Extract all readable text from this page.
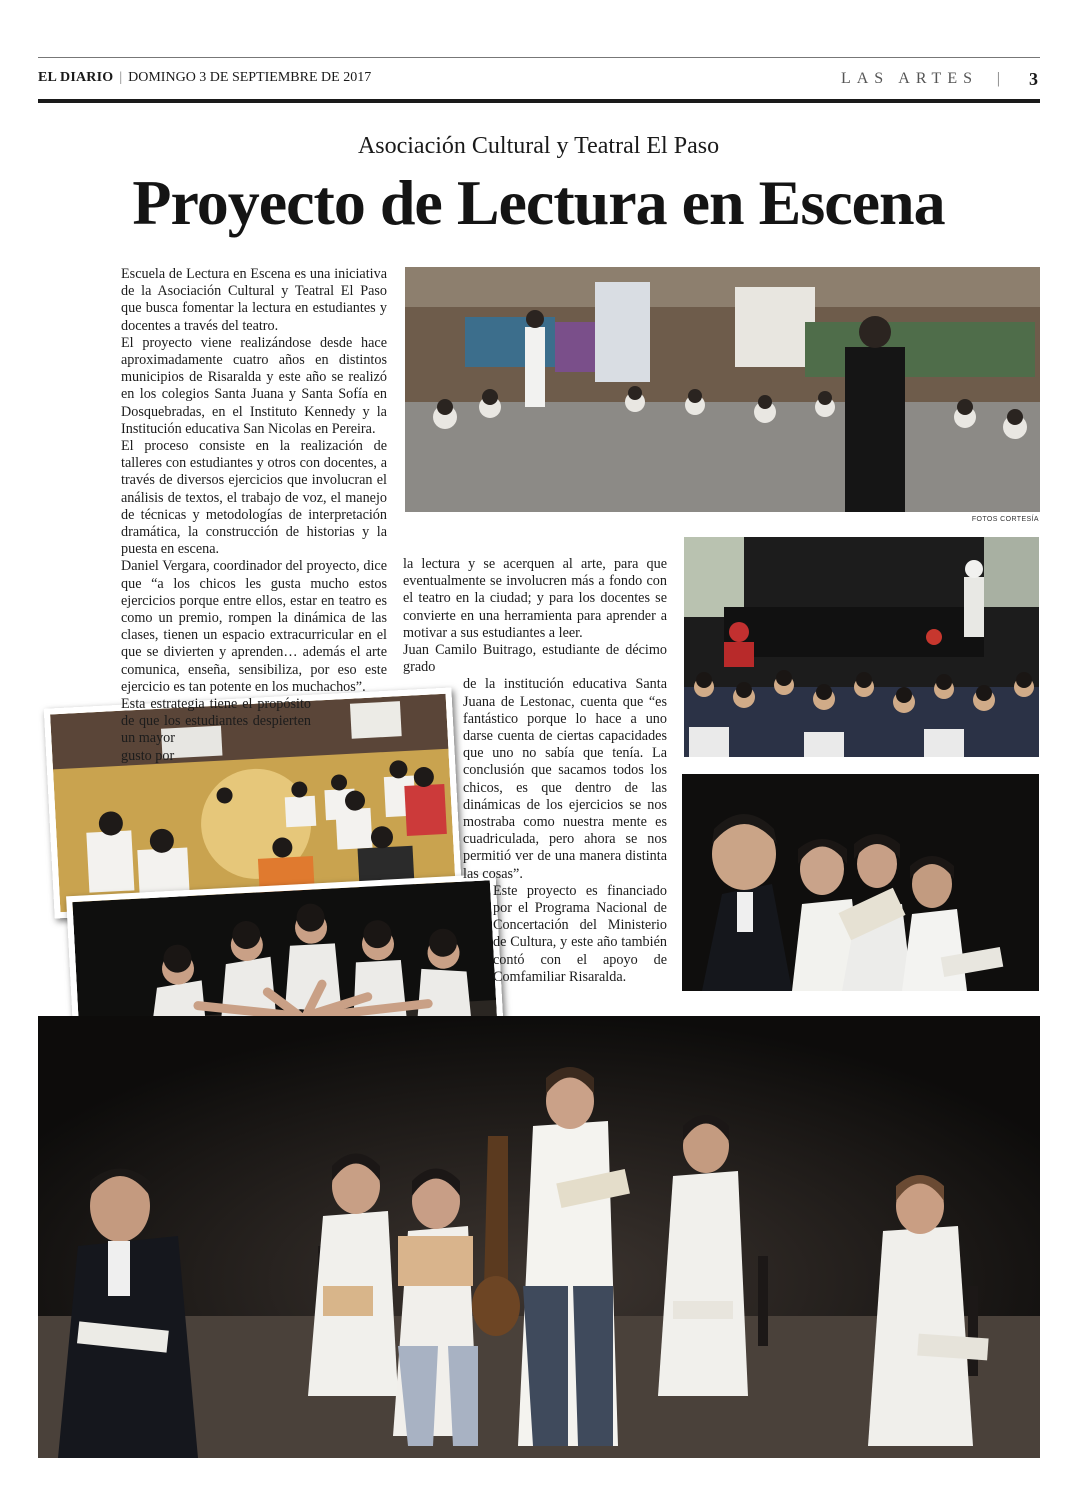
EL DIARIO | DOMINGO 3 DE SEPTIEMBRE DE 2017	LAS ARTES | 3
Asociación Cultural y Teatral El Paso
Proyecto de Lectura en Escena
FOTOS CORTESÍA

Escuela de Lectura en Escena es una iniciativa de la Asociación Cultural y Teatral El Paso que busca fomentar la lectura en estudiantes y docentes a través del teatro.

El proyecto viene realizándose desde hace aproximadamente cuatro años en distintos municipios de Risaralda y este año se realizó en los colegios Santa Juana y Santa Sofía en Dosquebradas, en el Instituto Kennedy y la Institución educativa San Nicolas en Pereira.

El proceso consiste en la realización de talleres con estudiantes y otros con docentes, a través de diversos ejercicios que involucran el análisis de textos, el trabajo de voz, el manejo de técnicas y metodologías de interpretación dramática, la construcción de historias y la puesta en escena.

Daniel Vergara, coordinador del proyecto, dice que “a los chicos les gusta mucho estos ejercicios porque entre ellos, estar en teatro es como un premio, rompen la dinámica de las clases, tienen un espacio extracurricular en el que se divierten y aprenden… además el arte comunica, enseña, sensibiliza, por eso este ejercicio es tan potente en los muchachos”.

Esta estrategia tiene el propósito de que los estudiantes despierten un mayor

gusto por

la lectura y se acerquen al arte, para que eventualmente se involucren más a fondo con el teatro en la ciudad; y para los docentes se convierte en una herramienta para aprender a motivar a sus estudiantes a leer.

Juan Camilo Buitrago, estudiante de décimo grado

de la institución educativa Santa Juana de Lestonac, cuenta que “es fantástico porque lo hace a uno darse cuenta de ciertas capacidades que uno no sabía que tenía. La conclusión que sacamos todos los chicos, es que dentro de las dinámicas de los ejercicios se nos mostraba como nuestra mente es cuadriculada, pero ahora se nos permitió ver de una manera distinta las cosas”.

Este proyecto es financiado por el Programa Nacional de Concertación del Ministerio de Cultura, y este año también contó con el apoyo de Comfamiliar Risaralda.
